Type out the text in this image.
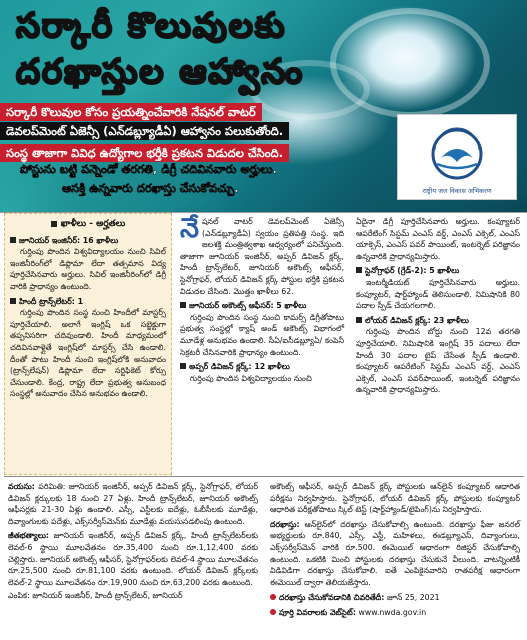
సర్కారీ కొలువులకు
దరఖాస్తుల ఆహ్వానం
సర్కారీ కొలువుల కోసం ప్రయత్నించేవారికి నేషనల్ వాటర్
డెవలప్‌మెంట్ ఏజెన్సీ (ఎన్‌డబ్ల్యూడీఏ) ఆహ్వానం పలుకుతోంది.
సంస్థ తాజాగా వివిధ ఉద్యోగాల భర్తీకి ప్రకటన విడుదల చేసింది.
పోస్టును బట్టి పన్నెండో తరగతి, డిగ్రీ చదివినవారు అర్హులు.
ఆసక్తి ఉన్నవారు దరఖాస్తు చేసుకోవచ్చు.	राष्ट्रीय जल विकास अभिकरण
ఖాళీలు - అర్హతలు
జూనియర్ ఇంజినీర్: 16 ఖాళీలు
గుర్తింపు పొందిన విశ్వవిద్యాలయం నుంచి సివిల్ ఇంజినీరింగ్‌లో డిప్లొమా లేదా తత్సమాన విద్య పూర్తిచేసినవారు అర్హులు. సివిల్ ఇంజినీరింగ్‌లో డిగ్రీ వారికి ప్రాధాన్యం ఉంటుంది.
హిందీ ట్రాన్స్‌లేటర్: 1
గుర్తింపు పొందిన సంస్థ నుంచి హిందీలో మాస్టర్స్ పూర్తిచేయాలి. అలాగే ఇంగ్లిష్ ఒక సబ్జెక్టుగా తప్పనిసరిగా చదివుండాలి. హిందీ మాధ్యమంలో చదివినవాళ్లైతే ఇంగ్లిష్‌లో మాస్టర్స్ చేసి ఉండాలి. దీంతో పాటు హిందీ నుంచి ఇంగ్లిష్‌లోకి అనువాదం (ట్రాన్స్‌లేషన్) డిప్లొమా లేదా సర్టిఫికెట్ కోర్సు చేసుండాలి. కేంద్ర, రాష్ట్ర లేదా ప్రభుత్వ అనుబంధ సంస్థల్లో అనువాదం చేసిన అనుభవం ఉండాలి.
నేషనల్ వాటర్ డెవలప్‌మెంట్ ఏజెన్సీ (ఎన్‌డబ్ల్యూడీఏ) స్వయం ప్రతిపత్తి సంస్థ. ఇది జలశక్తి మంత్రిత్వశాఖ ఆధ్వర్యంలో పనిచేస్తుంది. తాజాగా జూనియర్ ఇంజినీర్, అప్పర్ డివిజన్ క్లర్క్, హిందీ ట్రాన్స్‌లేటర్, జూనియర్ అకౌంట్స్ ఆఫీసర్, స్టెనోగ్రాఫర్, లోయర్ డివిజన్ క్లర్క్ పోస్టుల భర్తీకి ప్రకటన విడుదల చేసింది. మొత్తం ఖాళీలు 62.
జూనియర్ అకౌంట్స్ ఆఫీసర్: 5 ఖాళీలు
గుర్తింపు పొందిన సంస్థ నుంచి కామర్స్ డిగ్రీతోపాటు ప్రభుత్వ సంస్థల్లో క్యాష్ అండ్ అకౌంట్స్ విభాగంలో మూడేళ్ల అనుభవం ఉండాలి. సీఏ/ఐసీడబ్ల్యూఏ/ కంపెనీ సెక్రటరీ చేసినవారికి ప్రాధాన్యం ఉంటుంది.
అప్పర్ డివిజన్ క్లర్క్: 12 ఖాళీలు
గుర్తింపు పొందిన విశ్వవిద్యాలయం నుంచి
ఏదైనా డిగ్రీ పూర్తిచేసినవారు అర్హులు. కంప్యూటర్ ఆపరేటింగ్ సిస్టమ్ ఎంఎస్ వర్డ్, ఎంఎస్ ఎక్సెల్, ఎంఎస్ యాక్సెస్, ఎంఎస్ పవర్ పాయింట్, ఇంటర్నెట్ పరిజ్ఞానం ఉన్నవారికి ప్రాధాన్యమిస్తారు.
స్టెనోగ్రాఫర్ (గ్రేడ్-2): 5 ఖాళీలు
ఇంటర్మీడియట్ పూర్తిచేసినవారు అర్హులు. కంప్యూటర్, షార్ట్‌హ్యాండ్ తెలిసుండాలి. నిమిషానికి 80 పదాల స్పీడ్ చేయగలగాలి.
లోయర్ డివిజన్ క్లర్క్: 23 ఖాళీలు
గుర్తింపు పొందిన బోర్డు నుంచి 12వ తరగతి పూర్తిచేయాలి. నిమిషానికి ఇంగ్లిష్ 35 పదాలు లేదా హిందీ 30 పదాల టైప్ చేసేంత స్పీడ్ ఉండాలి. కంప్యూటర్ ఆపరేటింగ్ సిస్టమ్ ఎంఎస్ వర్డ్, ఎంఎస్ ఎక్సెల్, ఎంఎస్ పవర్‌పాయింట్, ఇంటర్నెట్ పరిజ్ఞానం ఉన్నవారికి ప్రాధాన్యమిస్తారు.
వయసు: పరిమితి: జూనియర్ ఇంజినీర్, అప్పర్ డివిజన్ క్లర్క్, స్టెనోగ్రాఫర్, లోయర్ డివిజన్ క్లర్కులకు 18 నుంచి 27 ఏళ్లు. హిందీ ట్రాన్స్‌లేటర్, జూనియర్ అకౌంట్స్ ఆఫీసర్లకు 21-30 ఏళ్లు ఉండాలి. ఎస్సీ, ఎస్టీలకు ఐదేళ్లు, ఓబీసీలకు మూడేళ్లు, దివ్యాంగులకు పదేళ్లు, ఎక్స్‌సర్వీస్‌మెన్‌కు మూడేళ్లు వయసుసడలింపు ఉంటుంది.
జీతభత్యాలు: జూనియర్ ఇంజినీర్, అప్పర్ డివిజన్ క్లర్క్, హిందీ ట్రాన్స్‌లేటర్‌లకు లెవల్-6 స్థాయి మూలవేతనం రూ.35,400 నుంచి రూ.1,12,400 వరకు చెల్లిస్తారు. జూనియర్ అకౌంట్స్ ఆఫీసర్, స్టెనోగ్రాఫర్‌లకు లెవల్-4 స్థాయి మూలవేతనం రూ.25,500 నుంచి రూ.81,100 వరకు ఉంటుంది. లోయర్ డివిజన్ క్లర్క్‌లకు లెవల్-2 స్థాయి మూలవేతనం రూ.19,900 నుంచి రూ.63,200 వరకు ఉంటుంది.
ఎంపిక: జూనియర్ ఇంజినీర్, హిందీ ట్రాన్స్‌లేటర్, జూనియర్
అకౌంట్స్ ఆఫీసర్, అప్పర్ డివిజన్ క్లర్క్ పోస్టులకు ఆన్‌లైన్ కంప్యూటర్ ఆధారిత పరీక్షను నిర్వహిస్తారు. స్టెనోగ్రాఫర్, లోయర్ డివిజన్ క్లర్క్ పోస్టులకు కంప్యూటర్ ఆధారిత పరీక్షతోపాటు స్కిల్ టెస్ట్ (షార్ట్‌హ్యాండ్/టైపింగ్)ను నిర్వహిస్తారు.
దరఖాస్తు: ఆన్‌లైన్‌లో దరఖాస్తు చేసుకోవాల్సి ఉంటుంది. దరఖాస్తు ఫీజు జనరల్ అభ్యర్థులకు రూ.840, ఎస్సీ, ఎస్టీ, మహిళలు, ఈడబ్ల్యూఎస్, దివ్యాంగులు, ఎక్స్‌సర్వీస్‌మెన్ వారికి రూ.500. ఈమెయిల్ ఆధారంగా రిజిస్టర్ చేసుకోవాల్సి ఉంటుంది. ఒకటికి మించి పోస్టులకు దరఖాస్తు చేసుకునే వీలుంది. వాటన్నింటికీ విడివిడిగా దరఖాస్తు చేసుకోవాలి. ఐతే ఎంపికైనవారిని రాతపరీక్ష ఆధారంగా ఈమెయిల్ ద్వారా తెలియజేస్తారు.
దరఖాస్తు చేసుకోవడానికి చివరితేదీ: జూన్ 25, 2021
పూర్తి వివరాలకు వెబ్‌సైట్: www.nwda.gov.in
